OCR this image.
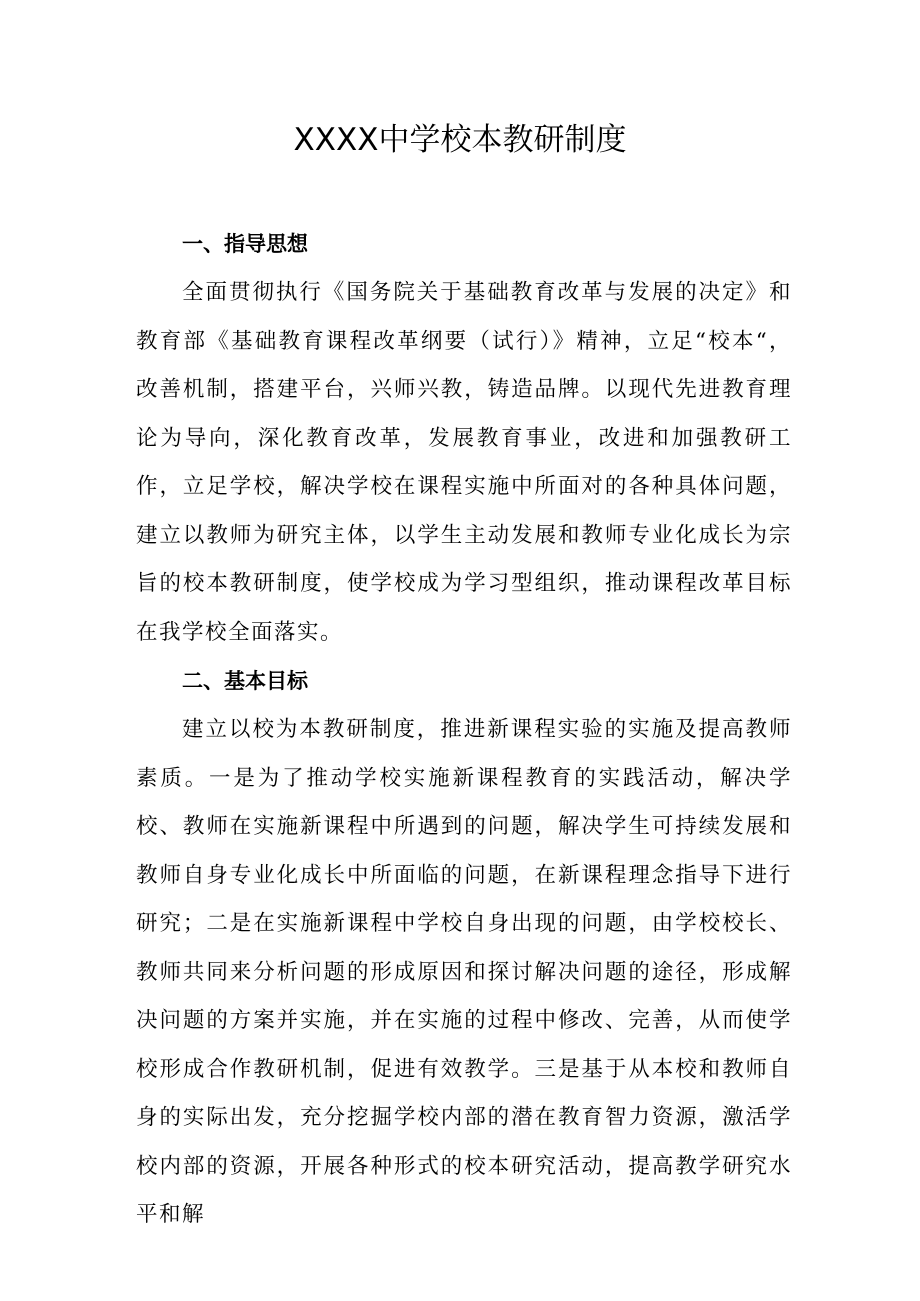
XXXX中学校本教研制度
一、指导思想

全面贯彻执行《国务院关于基础教育改革与发展的决定》和教育部《基础教育课程改革纲要（试行）》精神，立足“校本“，改善机制，搭建平台，兴师兴教，铸造品牌。以现代先进教育理论为导向，深化教育改革，发展教育事业，改进和加强教研工作，立足学校，解决学校在课程实施中所面对的各种具体问题，建立以教师为研究主体，以学生主动发展和教师专业化成长为宗旨的校本教研制度，使学校成为学习型组织，推动课程改革目标在我学校全面落实。

二、基本目标

建立以校为本教研制度，推进新课程实验的实施及提高教师素质。一是为了推动学校实施新课程教育的实践活动，解决学校、教师在实施新课程中所遇到的问题，解决学生可持续发展和教师自身专业化成长中所面临的问题，在新课程理念指导下进行研究；二是在实施新课程中学校自身出现的问题，由学校校长、教师共同来分析问题的形成原因和探讨解决问题的途径，形成解决问题的方案并实施，并在实施的过程中修改、完善，从而使学校形成合作教研机制，促进有效教学。三是基于从本校和教师自身的实际出发，充分挖掘学校内部的潜在教育智力资源，激活学校内部的资源，开展各种形式的校本研究活动，提高教学研究水平和解
